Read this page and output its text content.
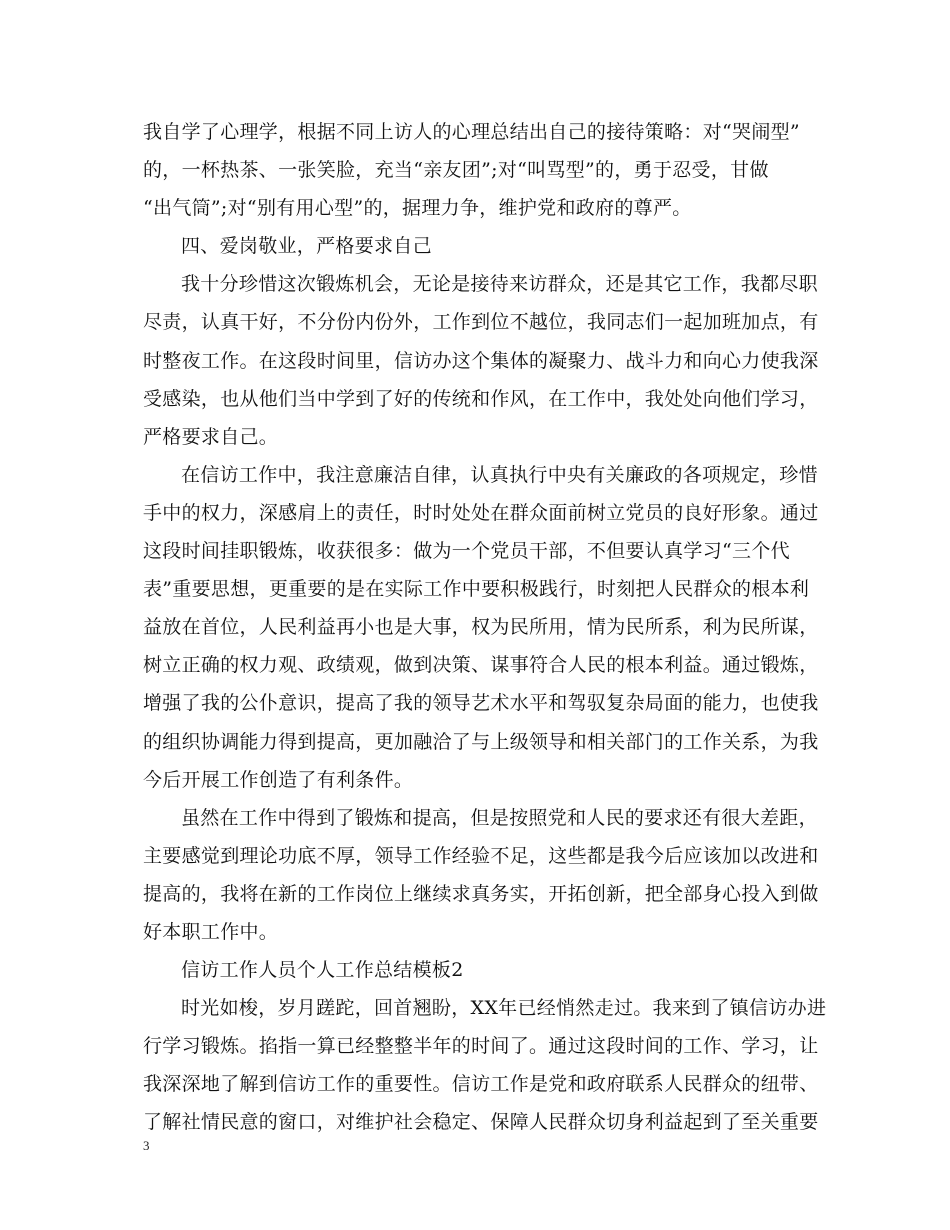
我自学了心理学，根据不同上访人的心理总结出自己的接待策略：对“哭闹型”
的，一杯热茶、一张笑脸，充当“亲友团”;对“叫骂型”的，勇于忍受，甘做
“出气筒”;对“别有用心型”的，据理力争，维护党和政府的尊严。
四、爱岗敬业，严格要求自己
我十分珍惜这次锻炼机会，无论是接待来访群众，还是其它工作，我都尽职
尽责，认真干好，不分份内份外，工作到位不越位，我同志们一起加班加点，有
时整夜工作。在这段时间里，信访办这个集体的凝聚力、战斗力和向心力使我深
受感染，也从他们当中学到了好的传统和作风，在工作中，我处处向他们学习，
严格要求自己。
在信访工作中，我注意廉洁自律，认真执行中央有关廉政的各项规定，珍惜
手中的权力，深感肩上的责任，时时处处在群众面前树立党员的良好形象。通过
这段时间挂职锻炼，收获很多：做为一个党员干部，不但要认真学习“三个代
表”重要思想，更重要的是在实际工作中要积极践行，时刻把人民群众的根本利
益放在首位，人民利益再小也是大事，权为民所用，情为民所系，利为民所谋，
树立正确的权力观、政绩观，做到决策、谋事符合人民的根本利益。通过锻炼，
增强了我的公仆意识，提高了我的领导艺术水平和驾驭复杂局面的能力，也使我
的组织协调能力得到提高，更加融洽了与上级领导和相关部门的工作关系，为我
今后开展工作创造了有利条件。
虽然在工作中得到了锻炼和提高，但是按照党和人民的要求还有很大差距，
主要感觉到理论功底不厚，领导工作经验不足，这些都是我今后应该加以改进和
提高的，我将在新的工作岗位上继续求真务实，开拓创新，把全部身心投入到做
好本职工作中。
信访工作人员个人工作总结模板2
时光如梭，岁月蹉跎，回首翘盼，XX年已经悄然走过。我来到了镇信访办进
行学习锻炼。掐指一算已经整整半年的时间了。通过这段时间的工作、学习，让
我深深地了解到信访工作的重要性。信访工作是党和政府联系人民群众的纽带、
了解社情民意的窗口，对维护社会稳定、保障人民群众切身利益起到了至关重要
3
